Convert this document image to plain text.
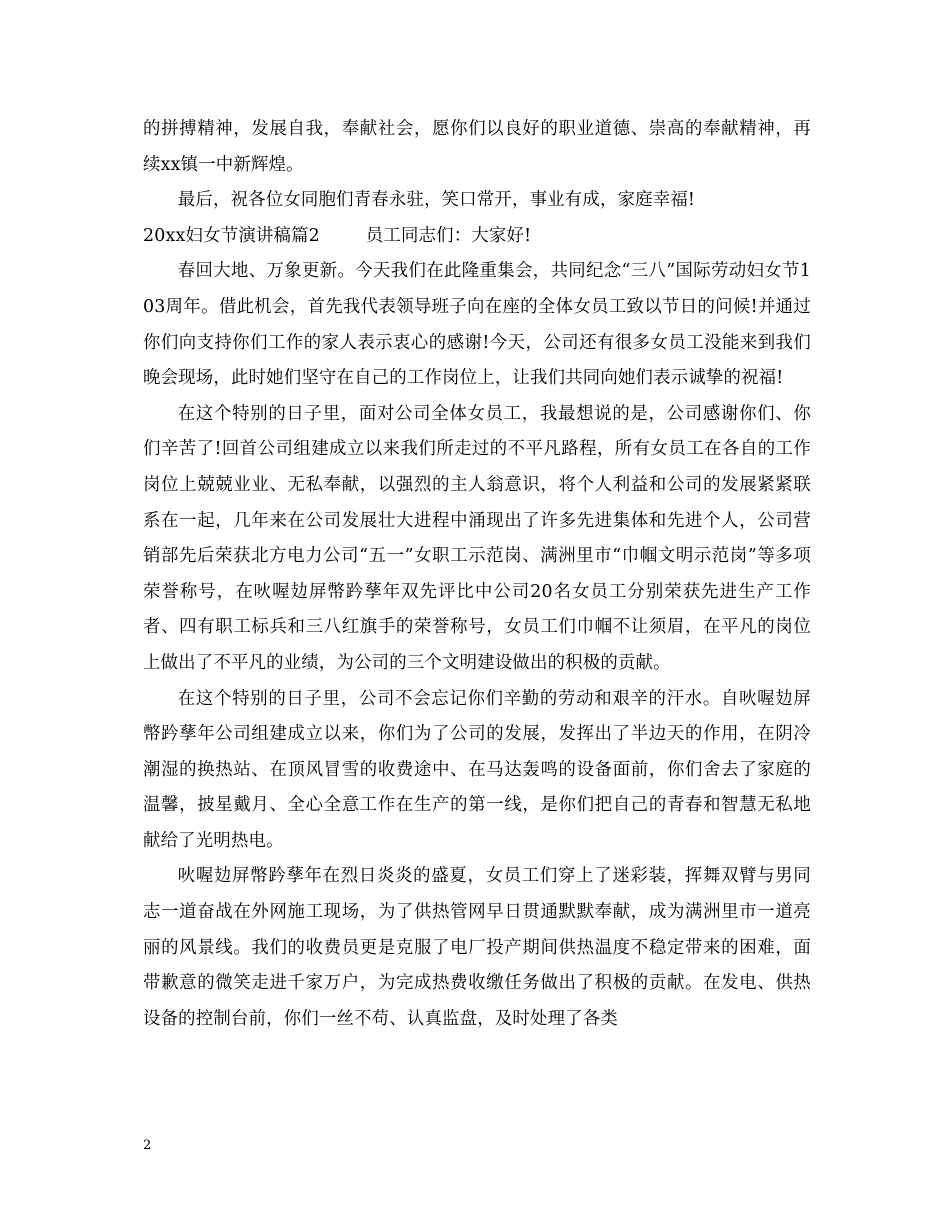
的拼搏精神，发展自我，奉献社会，愿你们以良好的职业道德、崇高的奉献精神，再续xx镇一中新辉煌。

最后，祝各位女同胞们青春永驻，笑口常开，事业有成，家庭幸福!

20xx妇女节演讲稿篇2        员工同志们：大家好!

春回大地、万象更新。今天我们在此隆重集会，共同纪念“三八”国际劳动妇女节103周年。借此机会，首先我代表领导班子向在座的全体女员工致以节日的问候!并通过你们向支持你们工作的家人表示衷心的感谢!今天，公司还有很多女员工没能来到我们晚会现场，此时她们坚守在自己的工作岗位上，让我们共同向她们表示诚挚的祝福!

在这个特别的日子里，面对公司全体女员工，我最想说的是，公司感谢你们、你们辛苦了!回首公司组建成立以来我们所走过的不平凡路程，所有女员工在各自的工作岗位上兢兢业业、无私奉献，以强烈的主人翁意识，将个人利益和公司的发展紧紧联系在一起，几年来在公司发展壮大进程中涌现出了许多先进集体和先进个人，公司营销部先后荣获北方电力公司“五一”女职工示范岗、满洲里市“巾帼文明示范岗”等多项荣誉称号，在吙喔攰屏幣趻孶年双先评比中公司20名女员工分别荣获先进生产工作者、四有职工标兵和三八红旗手的荣誉称号，女员工们巾帼不让须眉，在平凡的岗位上做出了不平凡的业绩，为公司的三个文明建设做出的积极的贡献。

在这个特别的日子里，公司不会忘记你们辛勤的劳动和艰辛的汗水。自吙喔攰屏幣趻孶年公司组建成立以来，你们为了公司的发展，发挥出了半边天的作用，在阴冷潮湿的换热站、在顶风冒雪的收费途中、在马达轰鸣的设备面前，你们舍去了家庭的温馨，披星戴月、全心全意工作在生产的第一线，是你们把自己的青春和智慧无私地献给了光明热电。

吙喔攰屏幣趻孶年在烈日炎炎的盛夏，女员工们穿上了迷彩装，挥舞双臂与男同志一道奋战在外网施工现场，为了供热管网早日贯通默默奉献，成为满洲里市一道亮丽的风景线。我们的收费员更是克服了电厂投产期间供热温度不稳定带来的困难，面带歉意的微笑走进千家万户，为完成热费收缴任务做出了积极的贡献。在发电、供热设备的控制台前，你们一丝不苟、认真监盘，及时处理了各类

2
